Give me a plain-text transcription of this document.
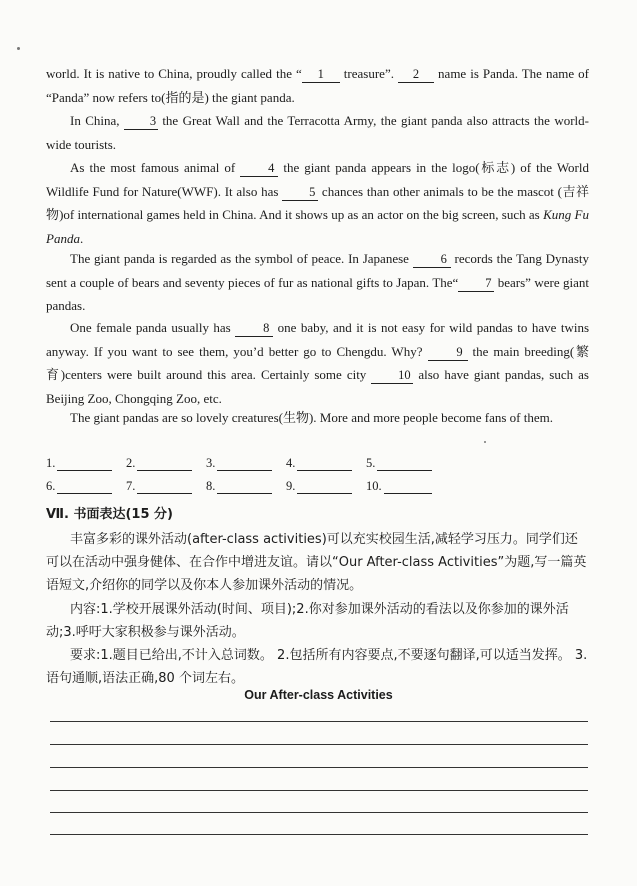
world. It is native to China, proudly called the “ 1 treasure”. 2 name is Panda. The name of “Panda” now refers to(指的是) the giant panda.

In China, 3 the Great Wall and the Terracotta Army, the giant panda also attracts the world-wide tourists.

As the most famous animal of 4 the giant panda appears in the logo(标志) of the World Wildlife Fund for Nature(WWF). It also has 5 chances than other animals to be the mascot (吉祥物)of international games held in China. And it shows up as an actor on the big screen, such as Kung Fu Panda.

The giant panda is regarded as the symbol of peace. In Japanese 6 records the Tang Dynasty sent a couple of bears and seventy pieces of fur as national gifts to Japan. The“ 7 bears” were giant pandas.

One female panda usually has 8 one baby, and it is not easy for wild pandas to have twins anyway. If you want to see them, you’d better go to Chengdu. Why? 9 the main breeding(繁育)centers were built around this area. Certainly some city 10 also have giant pandas, such as Beijing Zoo, Chongqing Zoo, etc.

The giant pandas are so lovely creatures(生物). More and more people become fans of them.

1.	2.	3.	4.	5.
6.	7.	8.	9.	10.
Ⅶ. 书面表达(15 分)

丰富多彩的课外活动(after-class activities)可以充实校园生活,减轻学习压力。同学们还可以在活动中强身健体、在合作中增进友谊。请以“Our After-class Activities”为题,写一篇英语短文,介绍你的同学以及你本人参加课外活动的情况。

内容:1.学校开展课外活动(时间、项目);2.你对参加课外活动的看法以及你参加的课外活动;3.呼吁大家积极参与课外活动。

要求:1.题目已给出,不计入总词数。 2.包括所有内容要点,不要逐句翻译,可以适当发挥。 3.语句通顺,语法正确,80 个词左右。

Our After-class Activities
